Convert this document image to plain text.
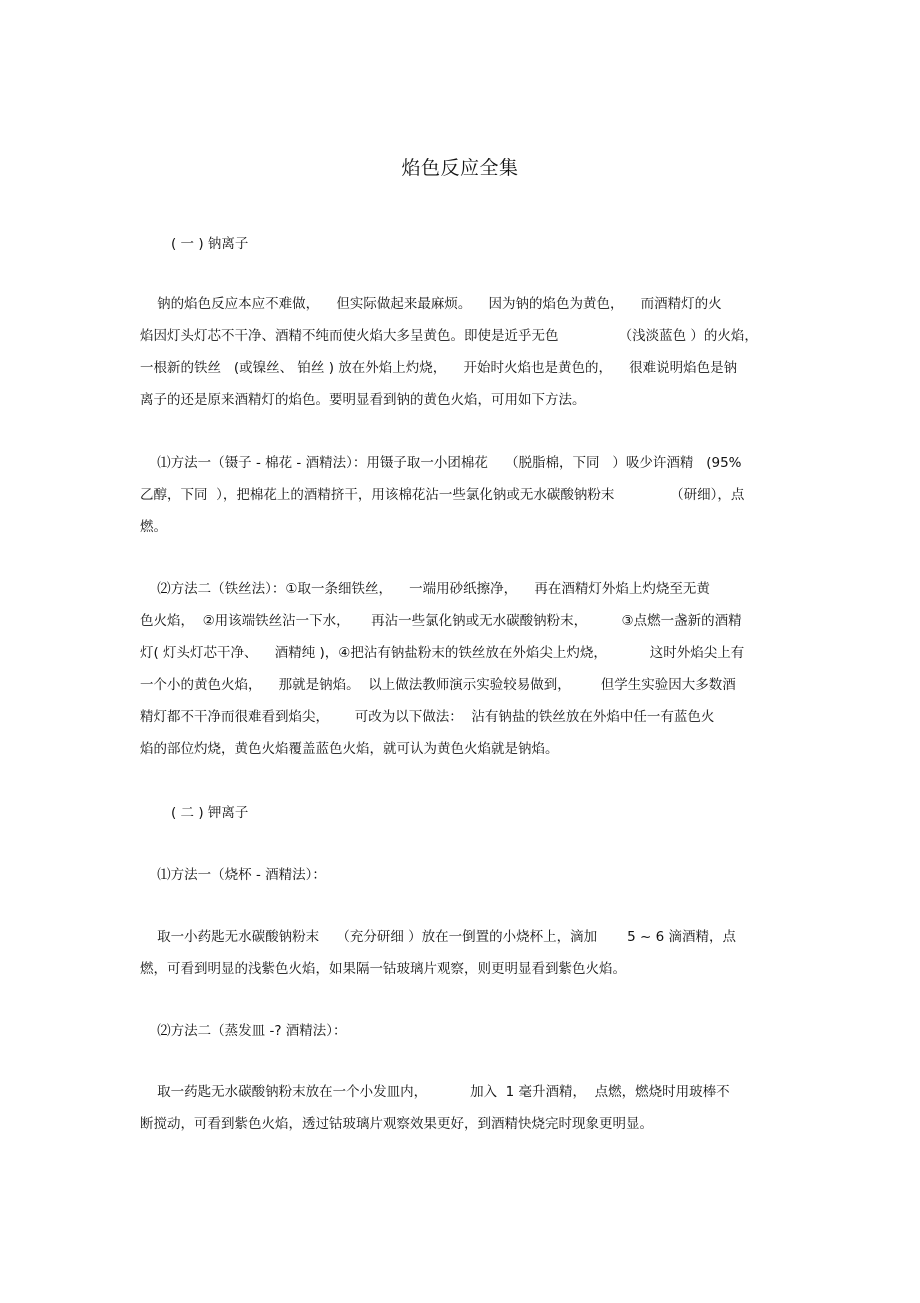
焰色反应全集
( 一 ) 钠离子
钠的焰色反应本应不难做，    但实际做起来最麻烦。    因为钠的焰色为黄色，    而酒精灯的火
焰因灯头灯芯不干净、酒精不纯而使火焰大多呈黄色。即使是近乎无色              （浅淡蓝色 ）的火焰，
一根新的铁丝   (或镍丝、 铂丝 ) 放在外焰上灼烧，    开始时火焰也是黄色的，    很难说明焰色是钠
离子的还是原来酒精灯的焰色。要明显看到钠的黄色火焰，可用如下方法。
⑴方法一（镊子 - 棉花 - 酒精法）：用镊子取一小团棉花    （脱脂棉，下同   ）吸少许酒精   (95%
乙醇，下同  ），把棉花上的酒精挤干，用该棉花沾一些氯化钠或无水碳酸钠粉末             （研细），点
燃。
⑵方法二（铁丝法）：①取一条细铁丝，    一端用砂纸擦净，    再在酒精灯外焰上灼烧至无黄
色火焰，  ②用该端铁丝沾一下水，     再沾一些氯化钠或无水碳酸钠粉末，        ③点燃一盏新的酒精
灯( 灯头灯芯干净、    酒精纯 )，④把沾有钠盐粉末的铁丝放在外焰尖上灼烧，          这时外焰尖上有
一个小的黄色火焰，    那就是钠焰。  以上做法教师演示实验较易做到，       但学生实验因大多数酒
精灯都不干净而很难看到焰尖，      可改为以下做法：  沾有钠盐的铁丝放在外焰中任一有蓝色火
焰的部位灼烧，黄色火焰覆盖蓝色火焰，就可认为黄色火焰就是钠焰。
( 二 ) 钾离子
⑴方法一（烧杯 - 酒精法）：
取一小药匙无水碳酸钠粉末    （充分研细 ）放在一倒置的小烧杯上，滴加       5 ~ 6 滴酒精，点
燃，可看到明显的浅紫色火焰，如果隔一钴玻璃片观察，则更明显看到紫色火焰。
⑵方法二（蒸发皿 -? 酒精法）：
取一药匙无水碳酸钠粉末放在一个小发皿内，          加入  1 毫升酒精，  点燃，燃烧时用玻棒不
断搅动，可看到紫色火焰，透过钴玻璃片观察效果更好，到酒精快烧完时现象更明显。
